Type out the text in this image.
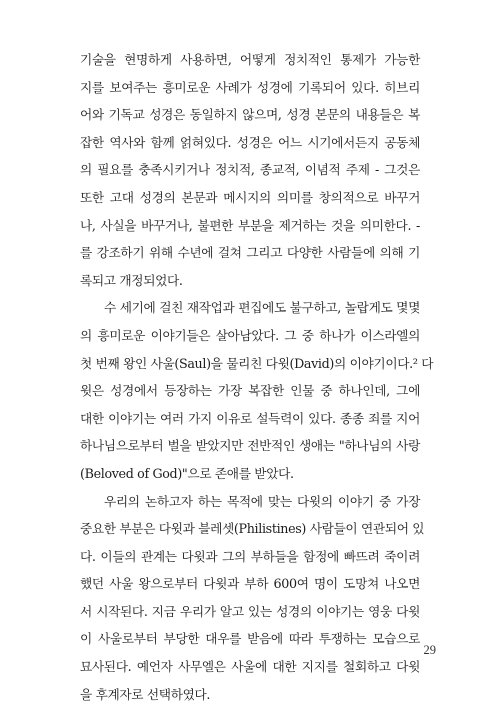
기술을 현명하게 사용하면, 어떻게 정치적인 통제가 가능한
지를 보여주는 흥미로운 사례가 성경에 기록되어 있다. 히브리
어와 기독교 성경은 동일하지 않으며, 성경 본문의 내용들은 복
잡한 역사와 함께 얽혀있다. 성경은 어느 시기에서든지 공동체
의 필요를 충족시키거나 정치적, 종교적, 이념적 주제 - 그것은
또한 고대 성경의 본문과 메시지의 의미를 창의적으로 바꾸거
나, 사실을 바꾸거나, 불편한 부분을 제거하는 것을 의미한다. -
를 강조하기 위해 수년에 걸쳐 그리고 다양한 사람들에 의해 기
록되고 개정되었다.

수 세기에 걸친 재작업과 편집에도 불구하고, 놀랍게도 몇몇
의 흥미로운 이야기들은 살아남았다. 그 중 하나가 이스라엘의
첫 번째 왕인 사울(Saul)을 물리친 다윗(David)의 이야기이다.² 다
윗은 성경에서 등장하는 가장 복잡한 인물 중 하나인데, 그에
대한 이야기는 여러 가지 이유로 설득력이 있다. 종종 죄를 지어
하나님으로부터 벌을 받았지만 전반적인 생애는 "하나님의 사랑
(Beloved of God)"으로 존애를 받았다.

우리의 논하고자 하는 목적에 맞는 다윗의 이야기 중 가장
중요한 부분은 다윗과 블레셋(Philistines) 사람들이 연관되어 있
다. 이들의 관계는 다윗과 그의 부하들을 함정에 빠뜨려 죽이려
했던 사울 왕으로부터 다윗과 부하 600여 명이 도망쳐 나오면
서 시작된다. 지금 우리가 알고 있는 성경의 이야기는 영웅 다윗
이 사울로부터 부당한 대우를 받음에 따라 투쟁하는 모습으로
묘사된다. 예언자 사무엘은 사울에 대한 지지를 철회하고 다윗
을 후계자로 선택하였다.

29
